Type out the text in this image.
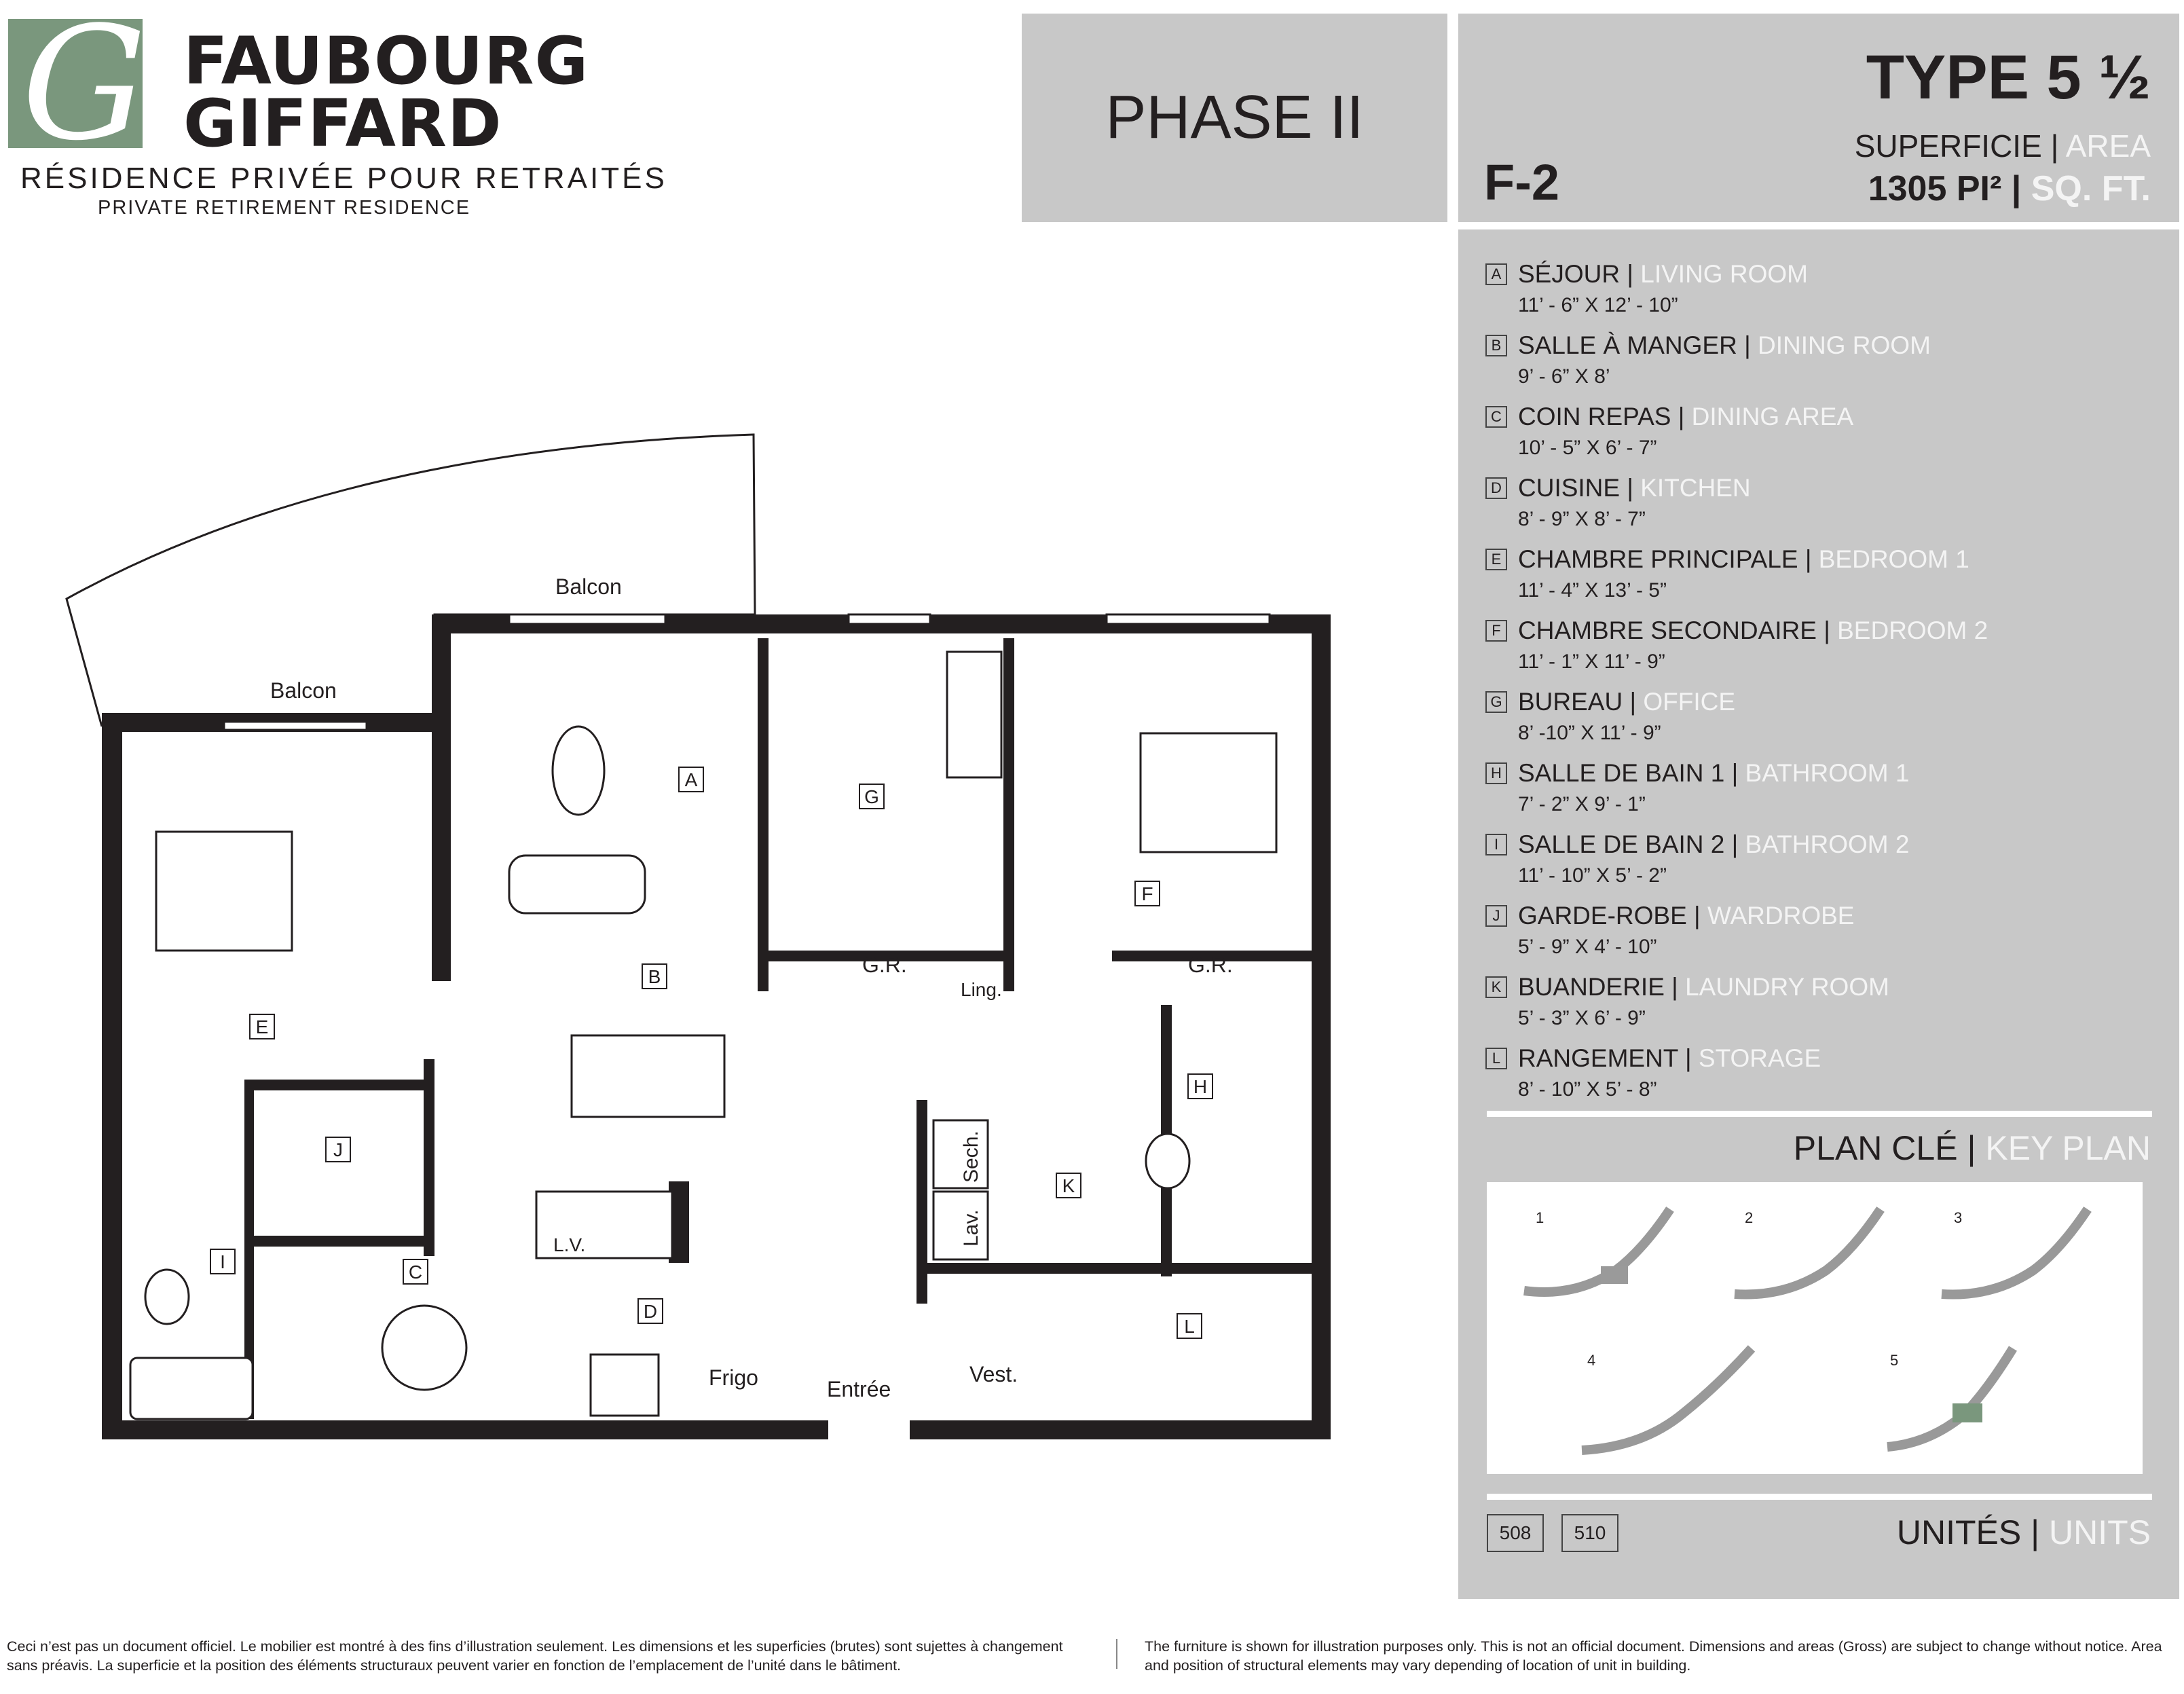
G FAUBOURG
GIFFARD
RÉSIDENCE PRIVÉE POUR RETRAITÉS
PRIVATE RETIREMENT RESIDENCE
PHASE II
F-2
TYPE 5 ½
SUPERFICIE | AREA
1305 PI² | SQ. FT.
A SÉJOUR | LIVING ROOM
11’ - 6” X 12’ - 10”
B SALLE À MANGER | DINING ROOM
9’ - 6” X 8’
C COIN REPAS | DINING AREA
10’ - 5” X 6’ - 7”
D CUISINE | KITCHEN
8’ - 9” X 8’ - 7”
E CHAMBRE PRINCIPALE | BEDROOM 1
11’ - 4” X 13’ - 5”
F CHAMBRE SECONDAIRE | BEDROOM 2
11’ - 1” X 11’ - 9”
G BUREAU | OFFICE
8’ -10” X 11’ - 9”
H SALLE DE BAIN 1 | BATHROOM 1
7’ - 2” X 9’ - 1”
I SALLE DE BAIN 2 | BATHROOM 2
11’ - 10” X 5’ - 2”
J GARDE-ROBE | WARDROBE
5’ - 9” X 4’ - 10”
K BUANDERIE | LAUNDRY ROOM
5’ - 3” X 6’ - 9”
L RANGEMENT | STORAGE
8’ - 10” X 5’ - 8”
PLAN CLÉ | KEY PLAN
1	2	3
4	5
508	510	UNITÉS | UNITS
A
B
C
D
E
F
G
H
I
J
K
L
Balcon
Balcon
G.R.	G.R.
Ling.
Sech.
Lav.
L.V.
Frigo	Entrée
Vest.
Ceci n’est pas un document officiel. Le mobilier est montré à des fins d’illustration seulement. Les dimensions et les superficies (brutes) sont sujettes à changement sans préavis. La superficie et la position des éléments structuraux peuvent varier en fonction de l’emplacement de l’unité dans le bâtiment.
The furniture is shown for illustration purposes only. This is not an official document. Dimensions and areas (Gross) are subject to change without notice. Area and position of structural elements may vary depending of location of unit in building.
